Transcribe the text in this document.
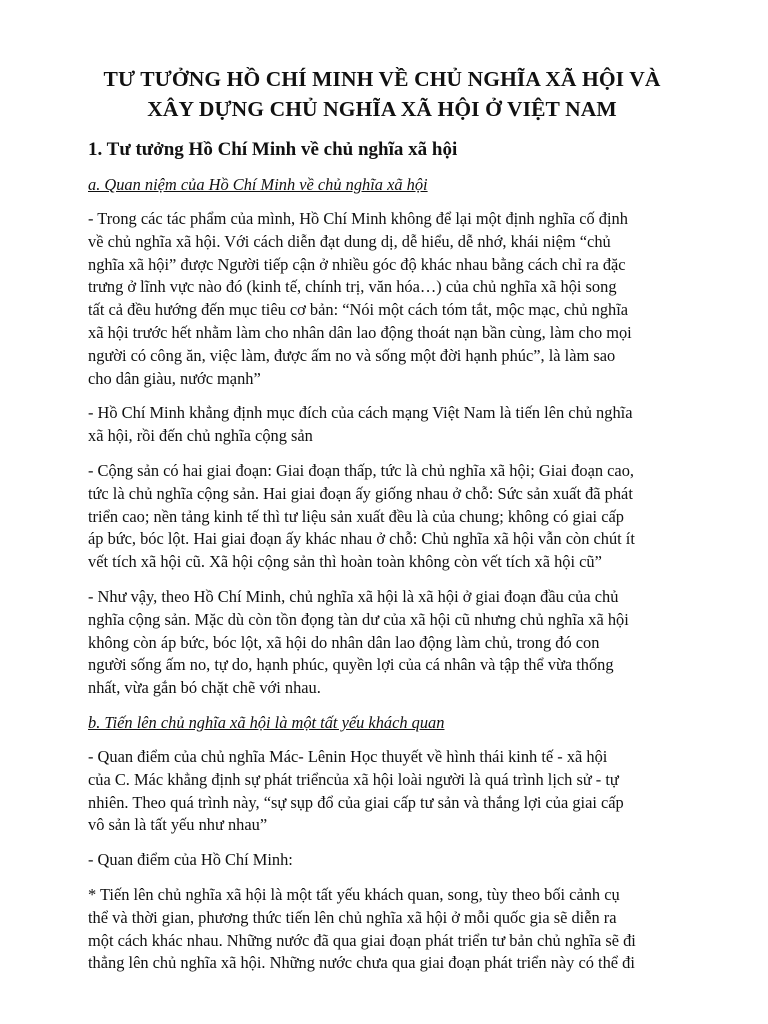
TƯ TƯỞNG HỒ CHÍ MINH VỀ CHỦ NGHĨA XÃ HỘI VÀ
XÂY DỰNG CHỦ NGHĨA XÃ HỘI Ở VIỆT NAM
1. Tư tưởng Hồ Chí Minh về chủ nghĩa xã hội
a. Quan niệm của Hồ Chí Minh về chủ nghĩa xã hội
- Trong các tác phẩm của mình, Hồ Chí Minh không để lại một định nghĩa cố định
về chủ nghĩa xã hội. Với cách diễn đạt dung dị, dễ hiểu, dễ nhớ, khái niệm “chủ
nghĩa xã hội” được Người tiếp cận ở nhiều góc độ khác nhau bằng cách chỉ ra đặc
trưng ở lĩnh vực nào đó (kinh tế, chính trị, văn hóa…) của chủ nghĩa xã hội song
tất cả đều hướng đến mục tiêu cơ bản: “Nói một cách tóm tắt, mộc mạc, chủ nghĩa
xã hội trước hết nhằm làm cho nhân dân lao động thoát nạn bần cùng, làm cho mọi
người có công ăn, việc làm, được ấm no và sống một đời hạnh phúc”, là làm sao
cho dân giàu, nước mạnh”
- Hồ Chí Minh khẳng định mục đích của cách mạng Việt Nam là tiến lên chủ nghĩa
xã hội, rồi đến chủ nghĩa cộng sản
- Cộng sản có hai giai đoạn: Giai đoạn thấp, tức là chủ nghĩa xã hội; Giai đoạn cao,
tức là chủ nghĩa cộng sản. Hai giai đoạn ấy giống nhau ở chỗ: Sức sản xuất đã phát
triển cao; nền tảng kinh tế thì tư liệu sản xuất đều là của chung; không có giai cấp
áp bức, bóc lột. Hai giai đoạn ấy khác nhau ở chỗ: Chủ nghĩa xã hội vẫn còn chút ít
vết tích xã hội cũ. Xã hội cộng sản thì hoàn toàn không còn vết tích xã hội cũ”
- Như vậy, theo Hồ Chí Minh, chủ nghĩa xã hội là xã hội ở giai đoạn đầu của chủ
nghĩa cộng sản. Mặc dù còn tồn đọng tàn dư của xã hội cũ nhưng chủ nghĩa xã hội
không còn áp bức, bóc lột, xã hội do nhân dân lao động làm chủ, trong đó con
người sống ấm no, tự do, hạnh phúc, quyền lợi của cá nhân và tập thể vừa thống
nhất, vừa gắn bó chặt chẽ với nhau.
b. Tiến lên chủ nghĩa xã hội là một tất yếu khách quan
- Quan điểm của chủ nghĩa Mác- Lênin Học thuyết về hình thái kinh tế - xã hội
của C. Mác khẳng định sự phát triểncủa xã hội loài người là quá trình lịch sử - tự
nhiên. Theo quá trình này, “sự sụp đổ của giai cấp tư sản và thắng lợi của giai cấp
vô sản là tất yếu như nhau”
- Quan điểm của Hồ Chí Minh:
* Tiến lên chủ nghĩa xã hội là một tất yếu khách quan, song, tùy theo bối cảnh cụ
thể và thời gian, phương thức tiến lên chủ nghĩa xã hội ở mỗi quốc gia sẽ diễn ra
một cách khác nhau. Những nước đã qua giai đoạn phát triển tư bản chủ nghĩa sẽ đi
thẳng lên chủ nghĩa xã hội. Những nước chưa qua giai đoạn phát triển này có thể đi
